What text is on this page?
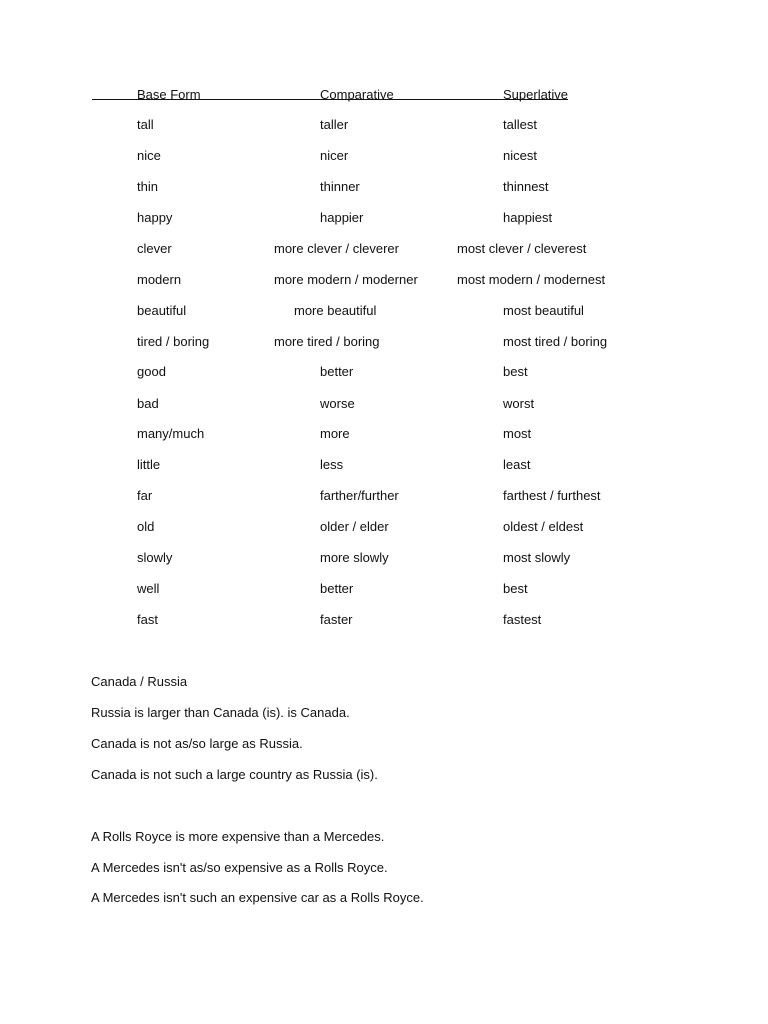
Base Form	Comparative	Superlative
tall	taller	tallest
nice	nicer	nicest
thin	thinner	thinnest
happy	happier	happiest
clever	more clever / cleverer	most clever / cleverest
modern	more modern / moderner	most modern / modernest
beautiful	more beautiful	most beautiful
tired / boring	more tired / boring	most tired / boring
good	better	best
bad	worse	worst
many/much	more	most
little	less	least
far	farther/further	farthest / furthest
old	older / elder	oldest / eldest
slowly	more slowly	most slowly
well	better	best
fast	faster	fastest
Canada / Russia
Russia is larger than Canada (is). is Canada.
Canada is not as/so large as Russia.
Canada is not such a large country as Russia (is).
A Rolls Royce is more expensive than a Mercedes.
A Mercedes isn't as/so expensive as a Rolls Royce.
A Mercedes isn't such an expensive car as a Rolls Royce.
